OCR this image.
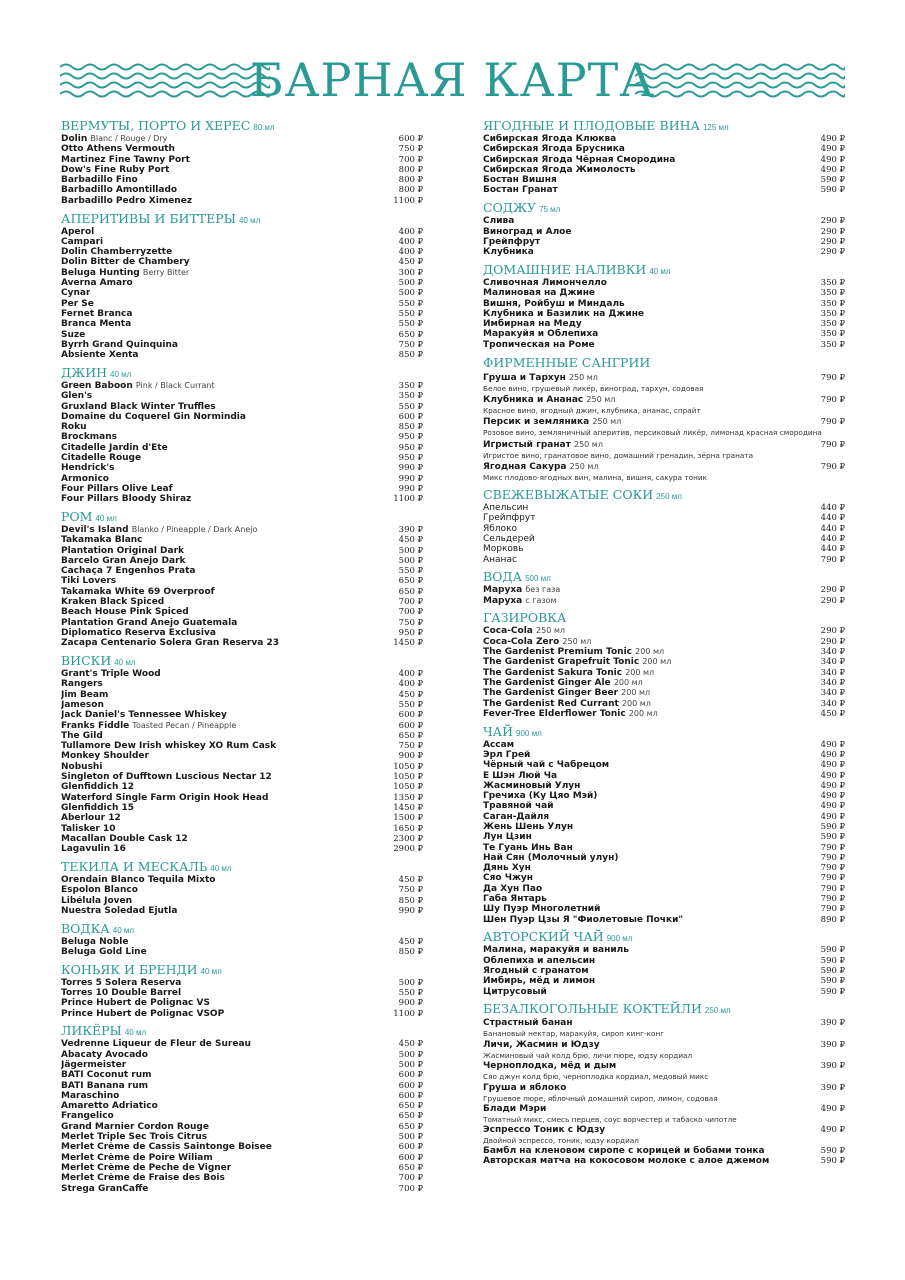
БАРНАЯ КАРТА
ВЕРМУТЫ, ПОРТО И ХЕРЕС 80 мл
Dolin Blanc / Rouge / Dry	600 ₽
Otto Athens Vermouth	750 ₽
Martinez Fine Tawny Port	700 ₽
Dow's Fine Ruby Port	800 ₽
Barbadillo Fino	800 ₽
Barbadillo Amontillado	800 ₽
Barbadillo Pedro Ximenez	1100 ₽
АПЕРИТИВЫ И БИТТЕРЫ 40 мл
Aperol	400 ₽
Campari	400 ₽
Dolin Chamberryzette	400 ₽
Dolin Bitter de Chambery	450 ₽
Beluga Hunting Berry Bitter	300 ₽
Averna Amaro	500 ₽
Cynar	500 ₽
Per Se	550 ₽
Fernet Branca	550 ₽
Branca Menta	550 ₽
Suze	650 ₽
Byrrh Grand Quinquina	750 ₽
Absiente Xenta	850 ₽
ДЖИН 40 мл
Green Baboon Pink / Black Currant	350 ₽
Glen's	350 ₽
Gruxland Black Winter Truffles	550 ₽
Domaine du Coquerel Gin Normindia	600 ₽
Roku	850 ₽
Brockmans	950 ₽
Citadelle Jardin d'Ete	950 ₽
Citadelle Rouge	950 ₽
Hendrick's	990 ₽
Armonico	990 ₽
Four Pillars Olive Leaf	990 ₽
Four Pillars Bloody Shiraz	1100 ₽
РОМ 40 мл
Devil's Island Blanko / Pineapple / Dark Anejo	390 ₽
Takamaka Blanc	450 ₽
Plantation Original Dark	500 ₽
Barcelo Gran Anejo Dark	500 ₽
Cachaça 7 Engenhos Prata	550 ₽
Tiki Lovers	650 ₽
Takamaka White 69 Overproof	650 ₽
Kraken Black Spiced	700 ₽
Beach House Pink Spiced	700 ₽
Plantation Grand Anejo Guatemala	750 ₽
Diplomatico Reserva Exclusiva	950 ₽
Zacapa Centenario Solera Gran Reserva 23	1450 ₽
ВИСКИ 40 мл
Grant's Triple Wood	400 ₽
Rangers	400 ₽
Jim Beam	450 ₽
Jameson	550 ₽
Jack Daniel's Tennessee Whiskey	600 ₽
Franks Fiddle Toasted Pecan / Pineapple	600 ₽
The Gild	650 ₽
Tullamore Dew Irish whiskey XO Rum Cask	750 ₽
Monkey Shoulder	900 ₽
Nobushi	1050 ₽
Singleton of Dufftown Luscious Nectar 12	1050 ₽
Glenfiddich 12	1050 ₽
Waterford Single Farm Origin Hook Head	1350 ₽
Glenfiddich 15	1450 ₽
Aberlour 12	1500 ₽
Talisker 10	1650 ₽
Macallan Double Cask 12	2300 ₽
Lagavulin 16	2900 ₽
ТЕКИЛА И МЕСКАЛЬ 40 мл
Orendain Blanco Tequila Mixto	450 ₽
Espolon Blanco	750 ₽
Libélula Joven	850 ₽
Nuestra Soledad Ejutla	990 ₽
ВОДКА 40 мл
Beluga Noble	450 ₽
Beluga Gold Line	850 ₽
КОНЬЯК И БРЕНДИ 40 мл
Torres 5 Solera Reserva	500 ₽
Torres 10 Double Barrel	550 ₽
Prince Hubert de Polignac VS	900 ₽
Prince Hubert de Polignac VSOP	1100 ₽
ЛИКЁРЫ 40 мл
Vedrenne Liqueur de Fleur de Sureau	450 ₽
Abacaty Avocado	500 ₽
Jägermeister	500 ₽
BATI Coconut rum	600 ₽
BATI Banana rum	600 ₽
Maraschino	600 ₽
Amaretto Adriatico	650 ₽
Frangelico	650 ₽
Grand Marnier Cordon Rouge	650 ₽
Merlet Triple Sec Trois Citrus	500 ₽
Merlet Crème de Cassis Saintonge Boisee	600 ₽
Merlet Crème de Poire Wiliam	600 ₽
Merlet Crème de Peche de Vigner	650 ₽
Merlet Crème de Fraise des Bois	700 ₽
Strega GranCaffe	700 ₽
ЯГОДНЫЕ И ПЛОДОВЫЕ ВИНА 125 мл
Сибирская Ягода Клюква	490 ₽
Сибирская Ягода Брусника	490 ₽
Сибирская Ягода Чёрная Смородина	490 ₽
Сибирская Ягода Жимолость	490 ₽
Бостан Вишня	590 ₽
Бостан Гранат	590 ₽
СОДЖУ 75 мл
Слива	290 ₽
Виноград и Алое	290 ₽
Грейпфрут	290 ₽
Клубника	290 ₽
ДОМАШНИЕ НАЛИВКИ 40 мл
Сливочная Лимончелло	350 ₽
Малиновая на Джине	350 ₽
Вишня, Ройбуш и Миндаль	350 ₽
Клубника и Базилик на Джине	350 ₽
Имбирная на Меду	350 ₽
Маракуйя и Облепиха	350 ₽
Тропическая на Роме	350 ₽
ФИРМЕННЫЕ САНГРИИ
Груша и Тархун 250 мл	790 ₽
Белое вино, грушевый ликёр, виноград, тархун, содовая
Клубника и Ананас 250 мл	790 ₽
Красное вино, ягодный джин, клубника, ананас, спрайт
Персик и земляника 250 мл	790 ₽
Розовое вино, земляничный аперитив, персиковый ликёр, лимонад красная смородина
Игристый гранат 250 мл	790 ₽
Игристое вино, гранатовое вино, домашний гренадин, зёрна граната
Ягодная Сакура 250 мл	790 ₽
Микс плодово-ягодных вин, малина, вишня, сакура тоник
СВЕЖЕВЫЖАТЫЕ СОКИ 250 мл
Апельсин	440 ₽
Грейпфрут	440 ₽
Яблоко	440 ₽
Сельдерей	440 ₽
Морковь	440 ₽
Ананас	790 ₽
ВОДА 500 мл
Маруха без газа	290 ₽
Маруха с газом	290 ₽
ГАЗИРОВКА
Coca-Cola 250 мл	290 ₽
Coca-Cola Zero 250 мл	290 ₽
The Gardenist Premium Tonic 200 мл	340 ₽
The Gardenist Grapefruit Tonic 200 мл	340 ₽
The Gardenist Sakura Tonic 200 мл	340 ₽
The Gardenist Ginger Ale 200 мл	340 ₽
The Gardenist Ginger Beer 200 мл	340 ₽
The Gardenist Red Currant 200 мл	340 ₽
Fever-Tree Elderflower Tonic 200 мл	450 ₽
ЧАЙ 900 мл
Ассам	490 ₽
Эрл Грей	490 ₽
Чёрный чай с Чабрецом	490 ₽
Е Шэн Люй Ча	490 ₽
Жасминовый Улун	490 ₽
Гречиха (Ку Цяо Мэй)	490 ₽
Травяной чай	490 ₽
Саган-Дайля	490 ₽
Жень Шень Улун	590 ₽
Лун Цзин	590 ₽
Те Гуань Инь Ван	790 ₽
Най Сян (Молочный улун)	790 ₽
Дянь Хун	790 ₽
Сяо Чжун	790 ₽
Да Хун Пао	790 ₽
Габа Янтарь	790 ₽
Шу Пуэр Многолетний	790 ₽
Шен Пуэр Цзы Я "Фиолетовые Почки"	890 ₽
АВТОРСКИЙ ЧАЙ 900 мл
Малина, маракуйя и ваниль	590 ₽
Облепиха и апельсин	590 ₽
Ягодный с гранатом	590 ₽
Имбирь, мёд и лимон	590 ₽
Цитрусовый	590 ₽
БЕЗАЛКОГОЛЬНЫЕ КОКТЕЙЛИ 250 мл
Страстный банан	390 ₽
Банановый нектар, маракуйя, сироп кинг-конг
Личи, Жасмин и Юдзу	390 ₽
Жасминовый чай колд брю, личи пюре, юдзу кордиал
Черноплодка, мёд и дым	390 ₽
Сяо джун колд брю, черноплодка кордиал, медовый микс
Груша и яблоко	390 ₽
Грушевое пюре, яблочный домашний сироп, лимон, содовая
Блади Мэри	490 ₽
Томатный микс, смесь перцев, соус ворчестер и табаско чипотле
Эспрессо Тоник с Юдзу	490 ₽
Двойной эспрессо, тоник, юдзу кордиал
Бамбл на кленовом сиропе с корицей и бобами тонка	590 ₽
Авторская матча на кокосовом молоке с алое джемом	590 ₽
